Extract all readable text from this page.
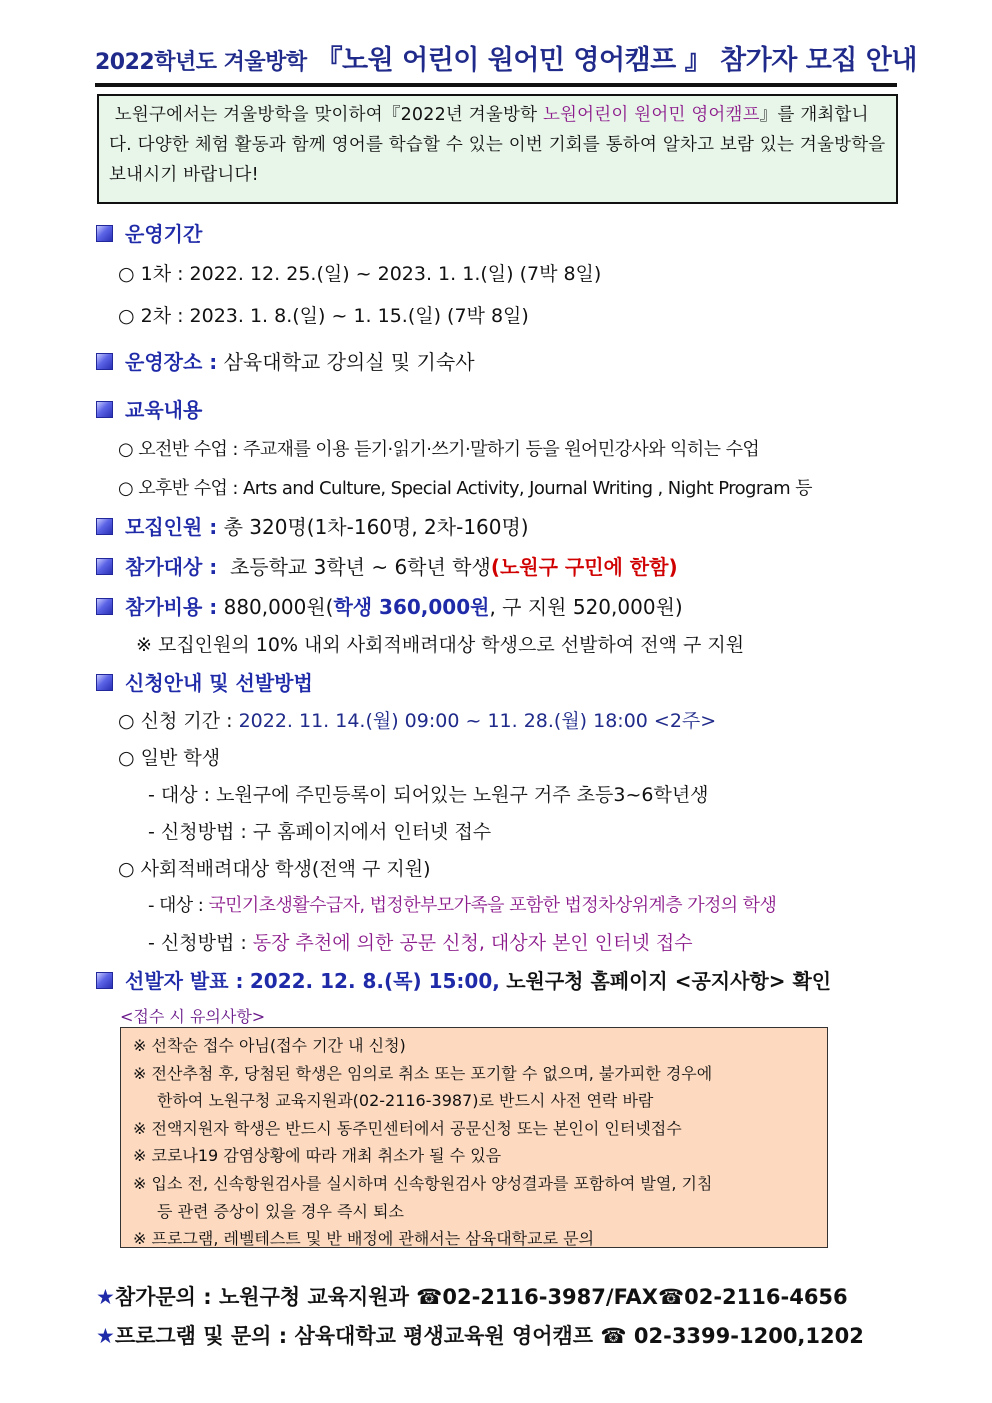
2022학년도 겨울방학 『노원 어린이 원어민 영어캠프 』 참가자 모집 안내
노원구에서는 겨울방학을 맞이하여『2022년 겨울방학 노원어린이 원어민 영어캠프』를 개최합니다. 다양한 체험 활동과 함께 영어를 학습할 수 있는 이번 기회를 통하여 알차고 보람 있는 겨울방학을 보내시기 바랍니다!
운영기간
○ 1차 : 2022. 12. 25.(일) ~ 2023. 1. 1.(일) (7박 8일)
○ 2차 : 2023. 1. 8.(일) ~ 1. 15.(일) (7박 8일)
운영장소 : 삼육대학교 강의실 및 기숙사
교육내용
○ 오전반 수업 : 주교재를 이용 듣기·읽기·쓰기·말하기 등을 원어민강사와 익히는 수업
○ 오후반 수업 : Arts and Culture, Special Activity, Journal Writing , Night Program 등
모집인원 : 총 320명(1차-160명, 2차-160명)
참가대상 : 초등학교 3학년 ~ 6학년 학생(노원구 구민에 한함)
참가비용 : 880,000원(학생 360,000원, 구 지원 520,000원)
※ 모집인원의 10% 내외 사회적배려대상 학생으로 선발하여 전액 구 지원
신청안내 및 선발방법
○ 신청 기간 : 2022. 11. 14.(월) 09:00 ~ 11. 28.(월) 18:00 <2주>
○ 일반 학생
- 대상 : 노원구에 주민등록이 되어있는 노원구 거주 초등3~6학년생
- 신청방법 : 구 홈페이지에서 인터넷 접수
○ 사회적배려대상 학생(전액 구 지원)
- 대상 : 국민기초생활수급자, 법정한부모가족을 포함한 법정차상위계층 가정의 학생
- 신청방법 : 동장 추천에 의한 공문 신청, 대상자 본인 인터넷 접수
선발자 발표 : 2022. 12. 8.(목) 15:00, 노원구청 홈페이지 <공지사항> 확인
<접수 시 유의사항>
※ 선착순 접수 아님(접수 기간 내 신청)
※ 전산추첨 후, 당첨된 학생은 임의로 취소 또는 포기할 수 없으며, 불가피한 경우에
한하여 노원구청 교육지원과(02-2116-3987)로 반드시 사전 연락 바람
※ 전액지원자 학생은 반드시 동주민센터에서 공문신청 또는 본인이 인터넷접수
※ 코로나19 감염상황에 따라 개최 취소가 될 수 있음
※ 입소 전, 신속항원검사를 실시하며 신속항원검사 양성결과를 포함하여 발열, 기침
등 관련 증상이 있을 경우 즉시 퇴소
※ 프로그램, 레벨테스트 및 반 배정에 관해서는 삼육대학교로 문의
★참가문의 : 노원구청 교육지원과 ☎02-2116-3987/FAX☎02-2116-4656
★프로그램 및 문의 : 삼육대학교 평생교육원 영어캠프 ☎ 02-3399-1200,1202
